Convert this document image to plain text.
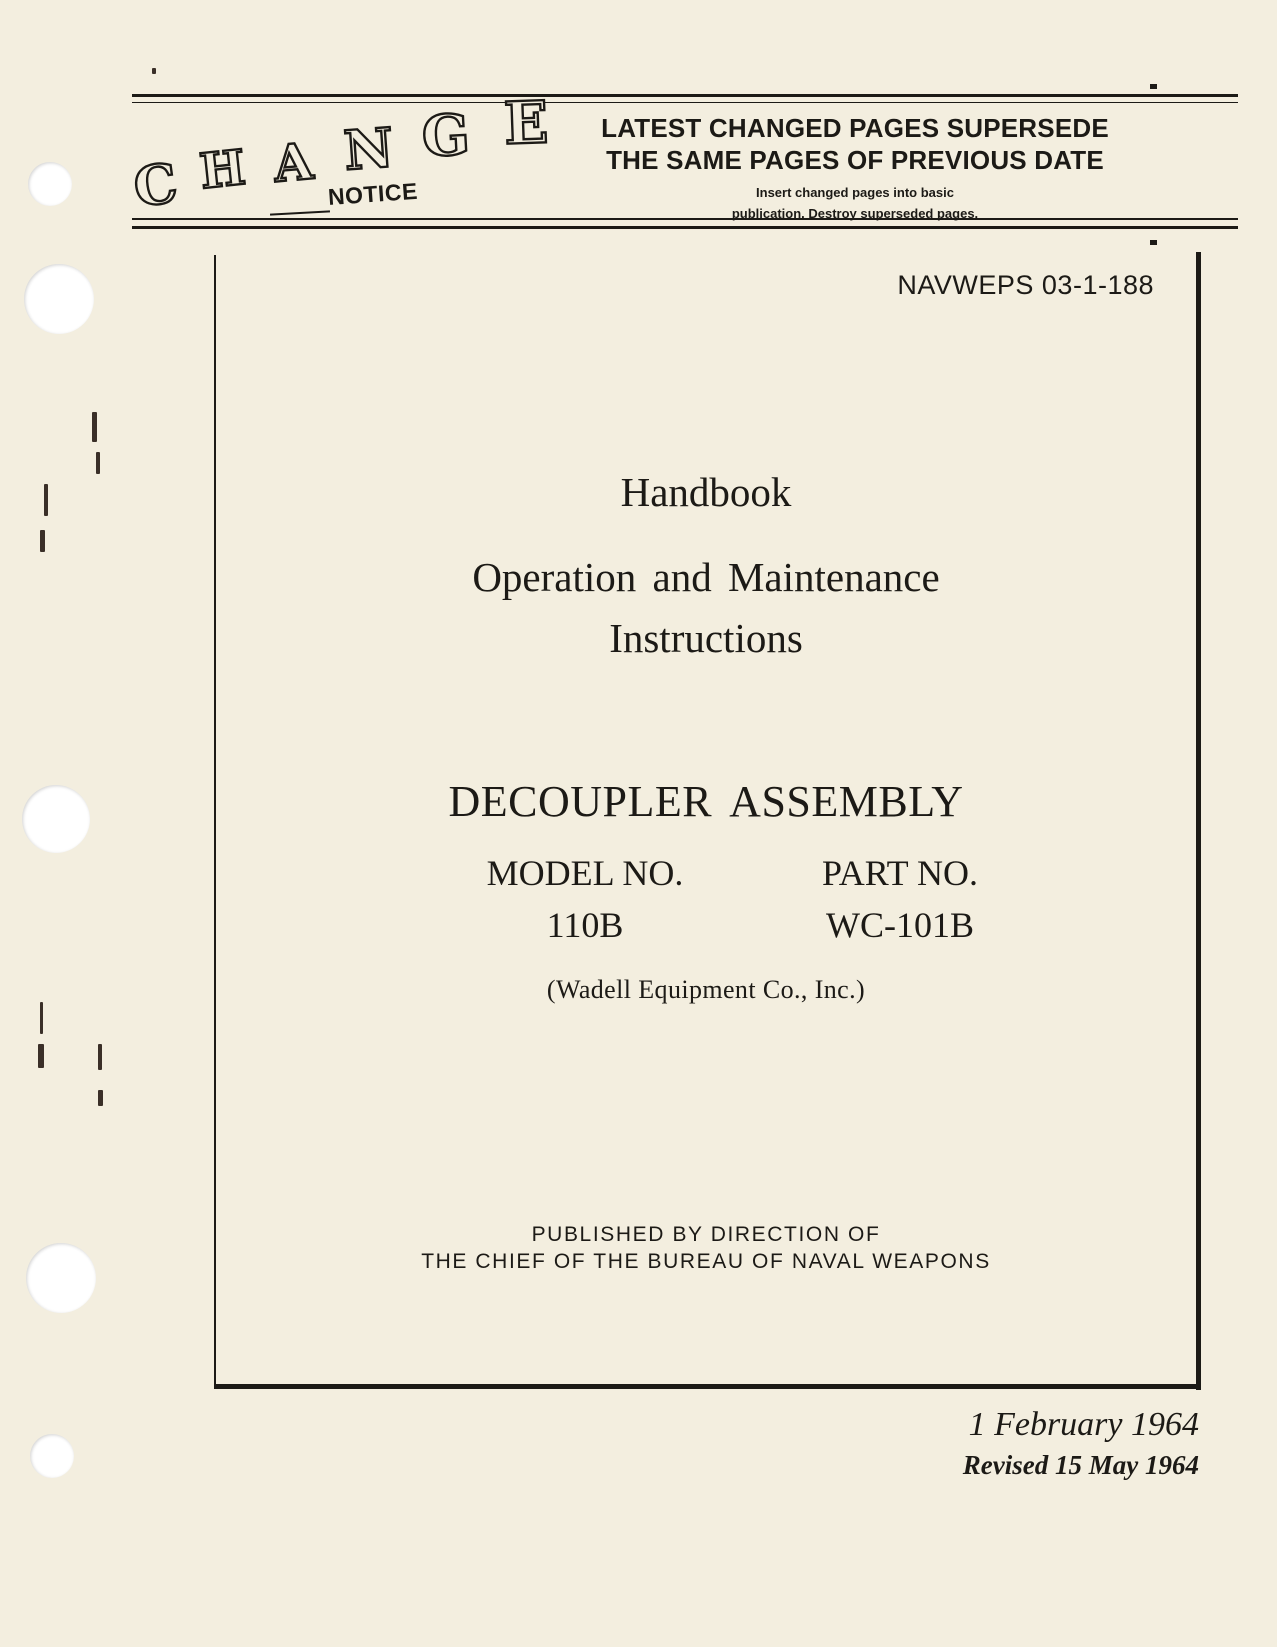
C H A N G E
NOTICE
LATEST CHANGED PAGES SUPERSEDE
THE SAME PAGES OF PREVIOUS DATE
Insert changed pages into basic
publication. Destroy superseded pages.
NAVWEPS 03-1-188
Handbook
Operation and Maintenance
Instructions
DECOUPLER ASSEMBLY
MODEL NO.	PART NO.
110B	WC-101B
(Wadell Equipment Co., Inc.)
PUBLISHED BY DIRECTION OF
THE CHIEF OF THE BUREAU OF NAVAL WEAPONS
1 February 1964
Revised 15 May 1964
